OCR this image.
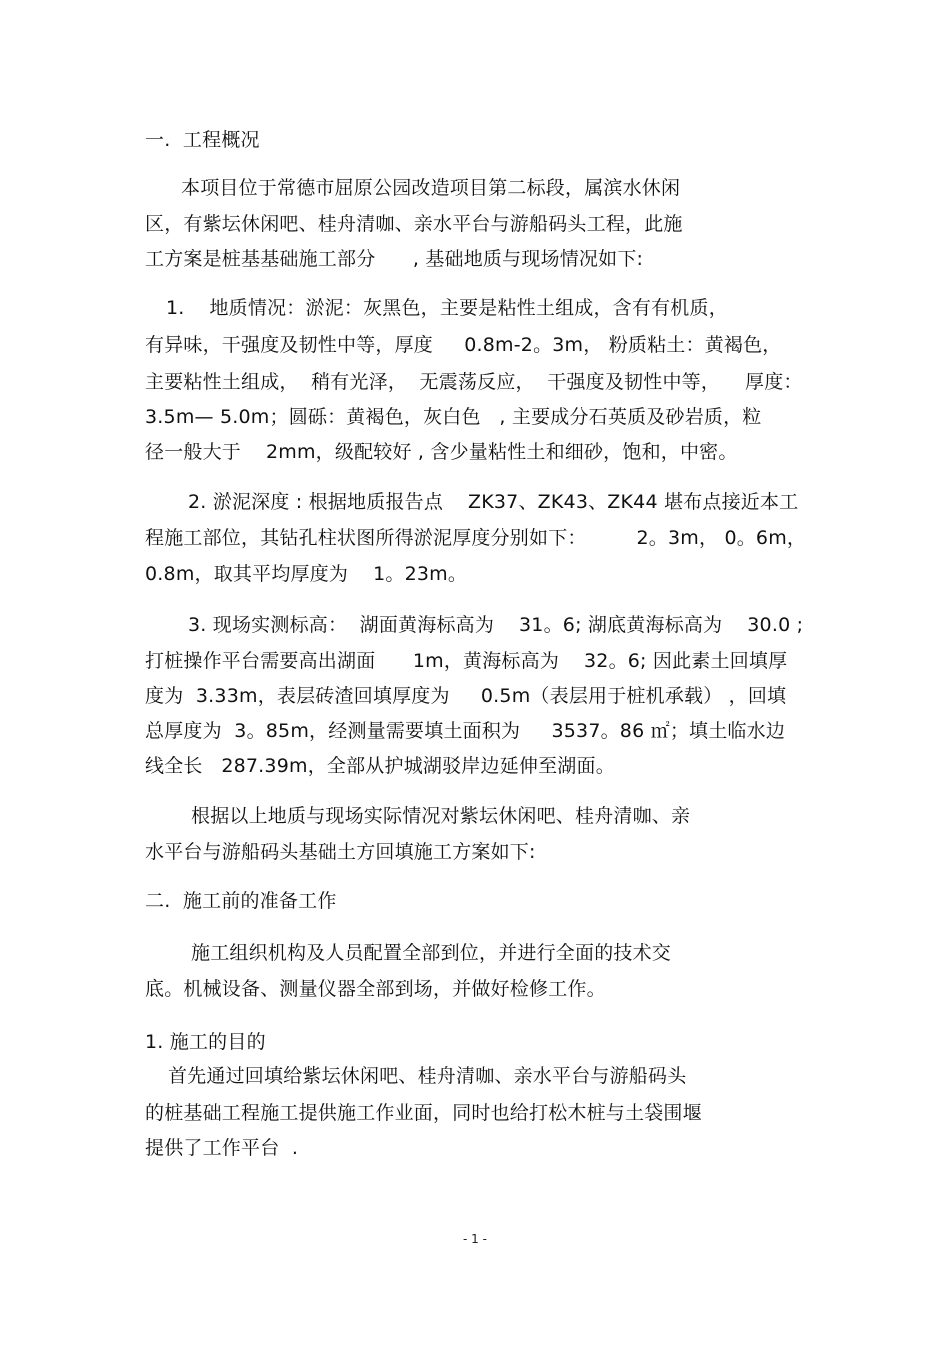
一.  工程概况
本项目位于常德市屈原公园改造项目第二标段，属滨水休闲
区，有紫坛休闲吧、桂舟清咖、亲水平台与游船码头工程，此施
工方案是桩基基础施工部分      , 基础地质与现场情况如下:
1.    地质情况：淤泥：灰黑色，主要是粘性土组成，含有有机质，
有异味，干强度及韧性中等，厚度     0.8m-2。3m， 粉质粘土：黄褐色，
主要粘性土组成，  稍有光泽，  无震荡反应，  干强度及韧性中等，    厚度：
3.5m— 5.0m；圆砾：黄褐色，灰白色   , 主要成分石英质及砂岩质，粒
径一般大于    2mm，级配较好 , 含少量粘性土和细砂，饱和，中密。
2. 淤泥深度 : 根据地质报告点    ZK37、ZK43、ZK44 堪布点接近本工
程施工部位，其钻孔柱状图所得淤泥厚度分别如下：        2。3m， 0。6m，
0.8m，取其平均厚度为    1。23m。
3. 现场实测标高：  湖面黄海标高为    31。6; 湖底黄海标高为    30.0 ;
打桩操作平台需要高出湖面      1m，黄海标高为    32。6; 因此素土回填厚
度为  3.33m，表层砖渣回填厚度为     0.5m（表层用于桩机承载） ，回填
总厚度为  3。85m，经测量需要填土面积为     3537。86 ㎡；填土临水边
线全长   287.39m，全部从护城湖驳岸边延伸至湖面。
根据以上地质与现场实际情况对紫坛休闲吧、桂舟清咖、亲
水平台与游船码头基础土方回填施工方案如下:
二.  施工前的准备工作
施工组织机构及人员配置全部到位，并进行全面的技术交
底。机械设备、测量仪器全部到场，并做好检修工作。
1. 施工的目的
首先通过回填给紫坛休闲吧、桂舟清咖、亲水平台与游船码头
的桩基础工程施工提供施工作业面，同时也给打松木桩与土袋围堰
提供了工作平台  .
- 1 -
